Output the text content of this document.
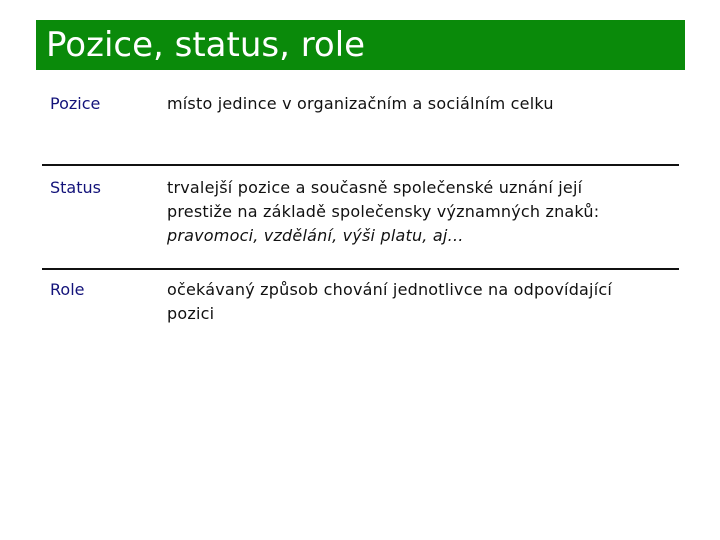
Pozice, status, role
Pozice	místo jedince v organizačním a sociálním celku
Status	trvalejší pozice a současně společenské uznání její
prestiže na základě společensky významných znaků:
pravomoci, vzdělání, výši platu, aj…
Role	očekávaný způsob chování jednotlivce na odpovídající
pozici
